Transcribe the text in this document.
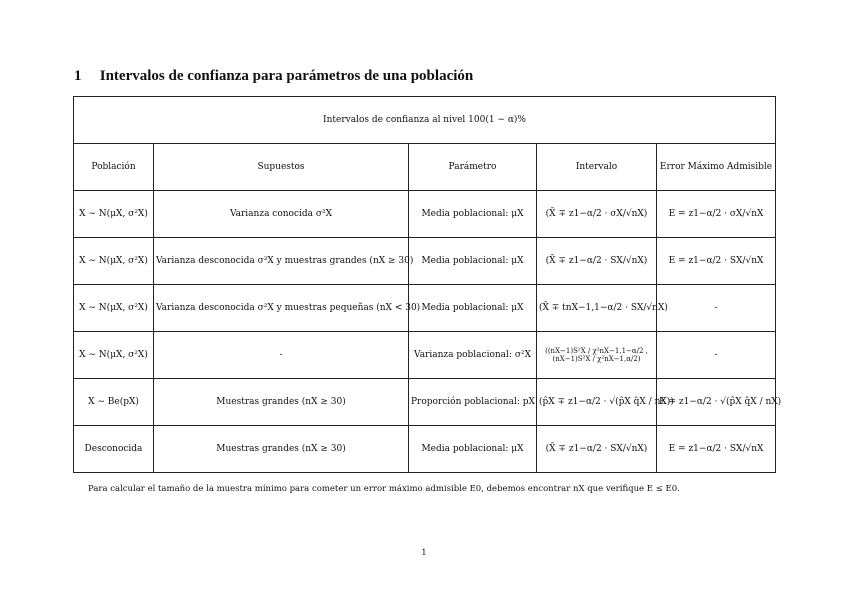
1 Intervalos de confianza para parámetros de una población
Intervalos de confianza al nivel 100(1 − α)%				
Población	Supuestos	Parámetro	Intervalo	Error Máximo Admisible
X ∼ N(μX, σ²X)	Varianza conocida σ²X	Media poblacional: μX	(X̄ ∓ z1−α/2 · σX/√nX)	E = z1−α/2 · σX/√nX
X ∼ N(μX, σ²X)	Varianza desconocida σ²X y muestras grandes (nX ≥ 30)	Media poblacional: μX	(X̄ ∓ z1−α/2 · SX/√nX)	E = z1−α/2 · SX/√nX
X ∼ N(μX, σ²X)	Varianza desconocida σ²X y muestras pequeñas (nX < 30)	Media poblacional: μX	(X̄ ∓ tnX−1,1−α/2 · SX/√nX)	-
X ∼ N(μX, σ²X)	-	Varianza poblacional: σ²X	((nX−1)S²X / χ²nX−1,1−α/2 , (nX−1)S²X / χ²nX−1,α/2)	-
X ∼ Be(pX)	Muestras grandes (nX ≥ 30)	Proporción poblacional: pX	(p̂X ∓ z1−α/2 · √(p̂X q̂X / nX))	E = z1−α/2 · √(p̂X q̂X / nX)
Desconocida	Muestras grandes (nX ≥ 30)	Media poblacional: μX	(X̄ ∓ z1−α/2 · SX/√nX)	E = z1−α/2 · SX/√nX
Para calcular el tamaño de la muestra mínimo para cometer un error máximo admisible E0, debemos encontrar nX que verifique E ≤ E0.
1
